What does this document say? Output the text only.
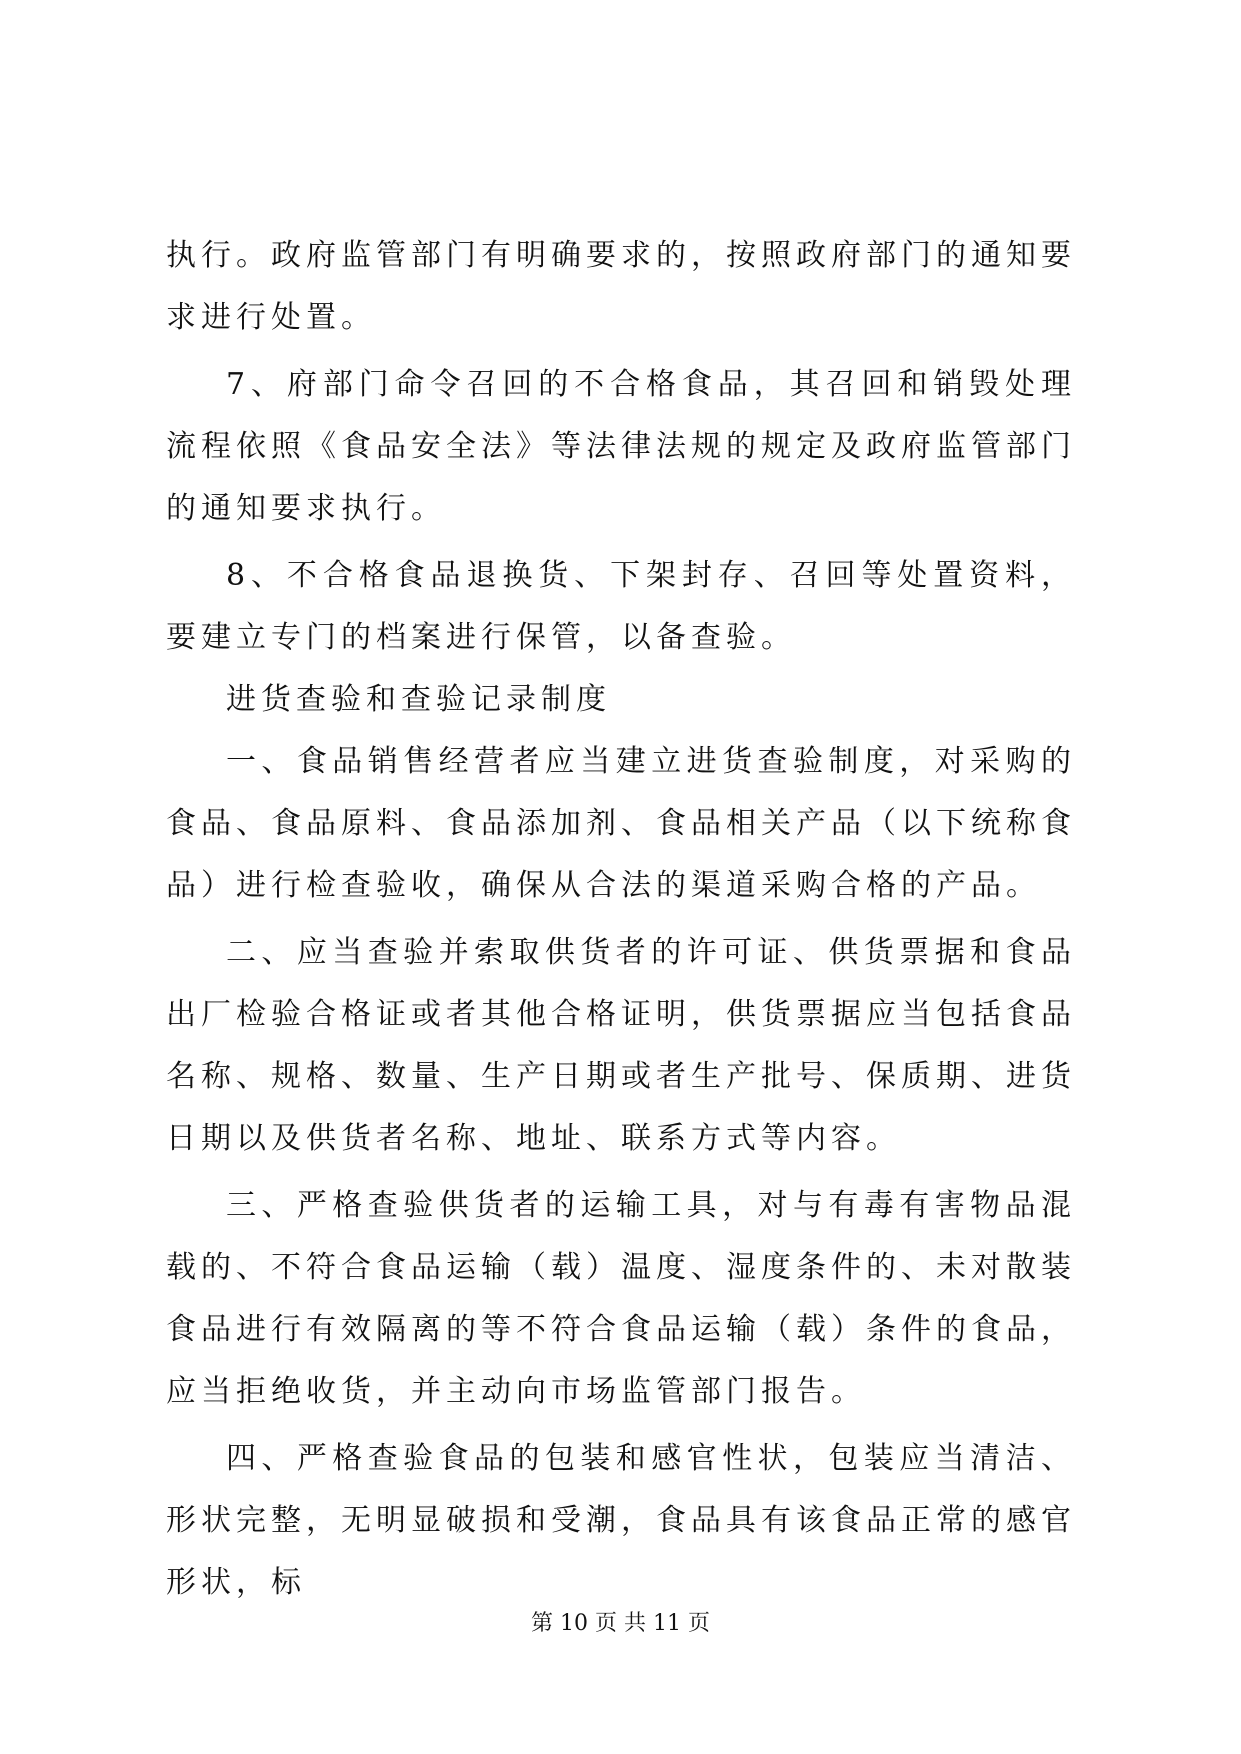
执行。政府监管部门有明确要求的，按照政府部门的通知要求进行处置。

7、府部门命令召回的不合格食品，其召回和销毁处理流程依照《食品安全法》等法律法规的规定及政府监管部门的通知要求执行。

8、不合格食品退换货、下架封存、召回等处置资料，要建立专门的档案进行保管，以备查验。

进货查验和查验记录制度

一、食品销售经营者应当建立进货查验制度，对采购的食品、食品原料、食品添加剂、食品相关产品（以下统称食品）进行检查验收，确保从合法的渠道采购合格的产品。

二、应当查验并索取供货者的许可证、供货票据和食品出厂检验合格证或者其他合格证明，供货票据应当包括食品名称、规格、数量、生产日期或者生产批号、保质期、进货日期以及供货者名称、地址、联系方式等内容。

三、严格查验供货者的运输工具，对与有毒有害物品混载的、不符合食品运输（载）温度、湿度条件的、未对散装食品进行有效隔离的等不符合食品运输（载）条件的食品，应当拒绝收货，并主动向市场监管部门报告。

四、严格查验食品的包装和感官性状，包装应当清洁、形状完整，无明显破损和受潮，食品具有该食品正常的感官形状，标

第 10 页 共 11 页
